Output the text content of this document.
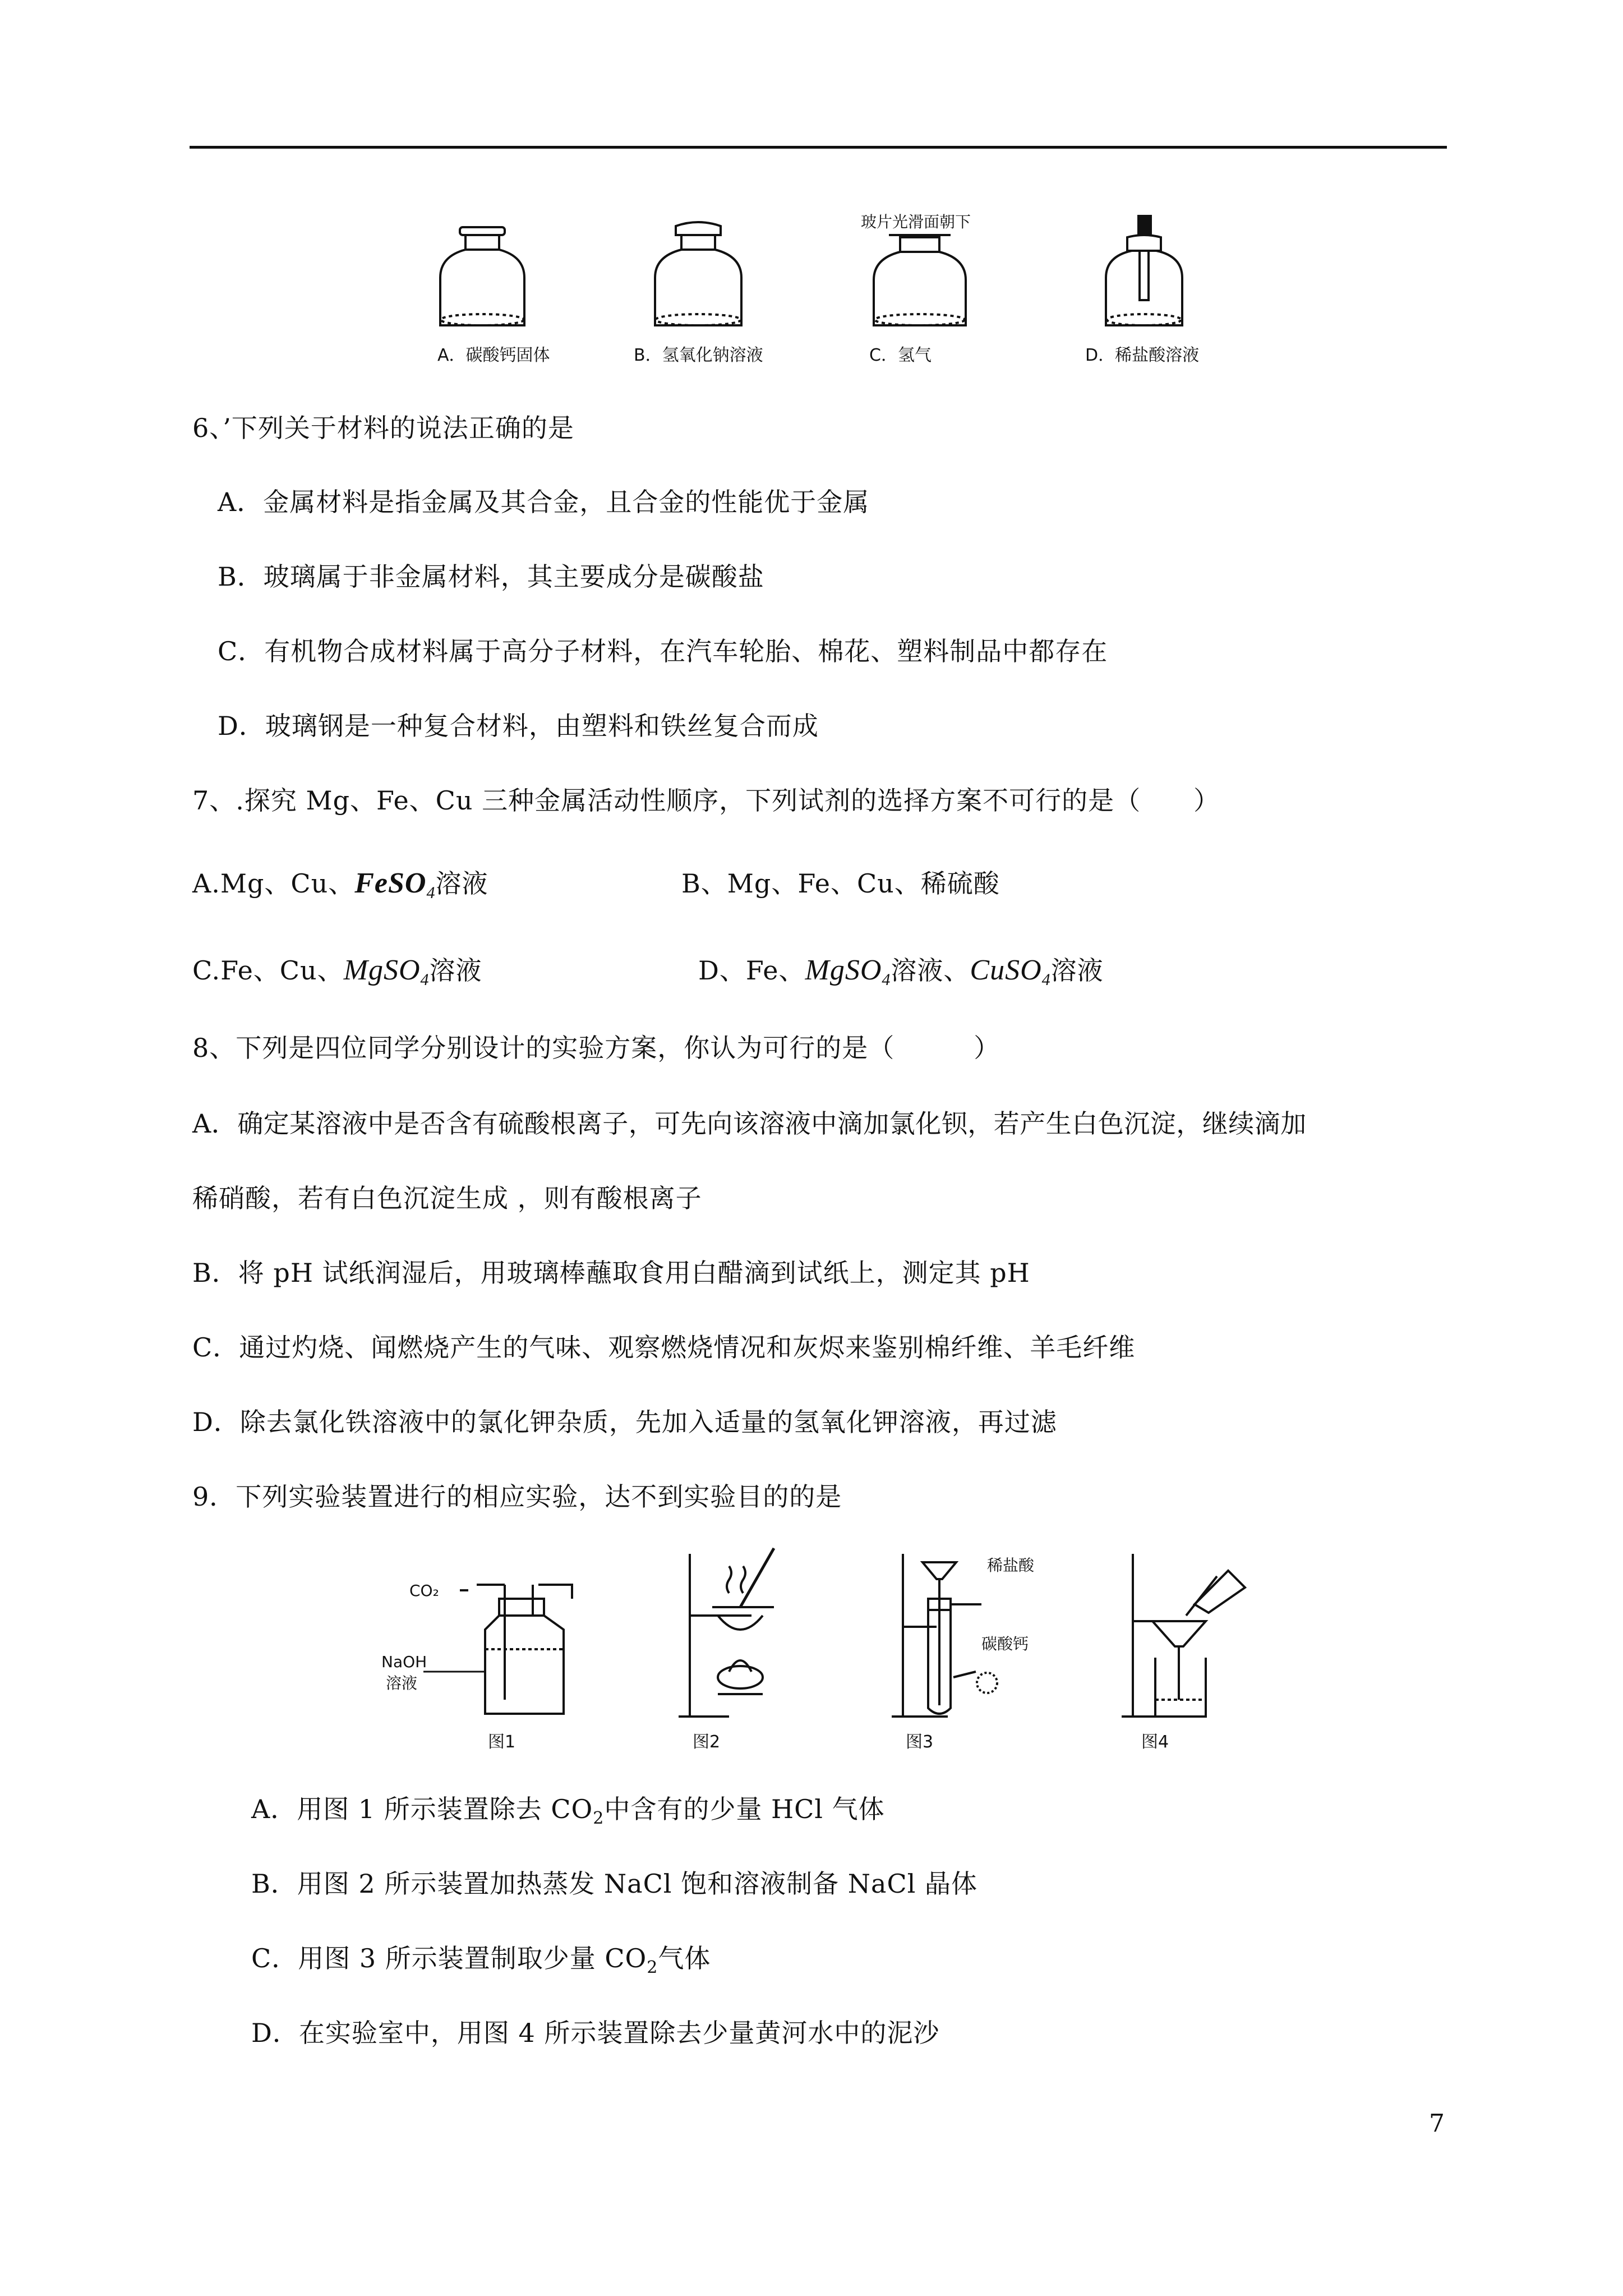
玻片光滑面朝下
A．碳酸钙固体	B．氢氧化钠溶液	C．氢气	D．稀盐酸溶液
6、’下列关于材料的说法正确的是
A．金属材料是指金属及其合金，且合金的性能优于金属
B．玻璃属于非金属材料，其主要成分是碳酸盐
C．有机物合成材料属于高分子材料，在汽车轮胎、棉花、塑料制品中都存在
D．玻璃钢是一种复合材料，由塑料和铁丝复合而成
7、.探究 Mg、Fe、Cu 三种金属活动性顺序，下列试剂的选择方案不可行的是（　　）
A.Mg、Cu、FeSO$_4$溶液	B、Mg、Fe、Cu、稀硫酸
C.Fe、Cu、MgSO$_4$溶液	D、Fe、MgSO$_4$溶液、CuSO$_4$溶液
8、下列是四位同学分别设计的实验方案，你认为可行的是（　　　）
A．确定某溶液中是否含有硫酸根离子，可先向该溶液中滴加氯化钡，若产生白色沉淀，继续滴加
稀硝酸，若有白色沉淀生成 ，则有酸根离子
B．将 pH 试纸润湿后，用玻璃棒蘸取食用白醋滴到试纸上，测定其 pH
C．通过灼烧、闻燃烧产生的气味、观察燃烧情况和灰烬来鉴别棉纤维、羊毛纤维
D．除去氯化铁溶液中的氯化钾杂质，先加入适量的氢氧化钾溶液，再过滤
9．下列实验装置进行的相应实验，达不到实验目的的是
CO₂
NaOH
溶液
稀盐酸
碳酸钙
图1	图2	图3	图4
A．用图 1 所示装置除去 $CO_2$中含有的少量 HCl 气体
B．用图 2 所示装置加热蒸发 NaCl 饱和溶液制备 NaCl 晶体
C．用图 3 所示装置制取少量 $CO_2$气体
D．在实验室中，用图 4 所示装置除去少量黄河水中的泥沙
7
